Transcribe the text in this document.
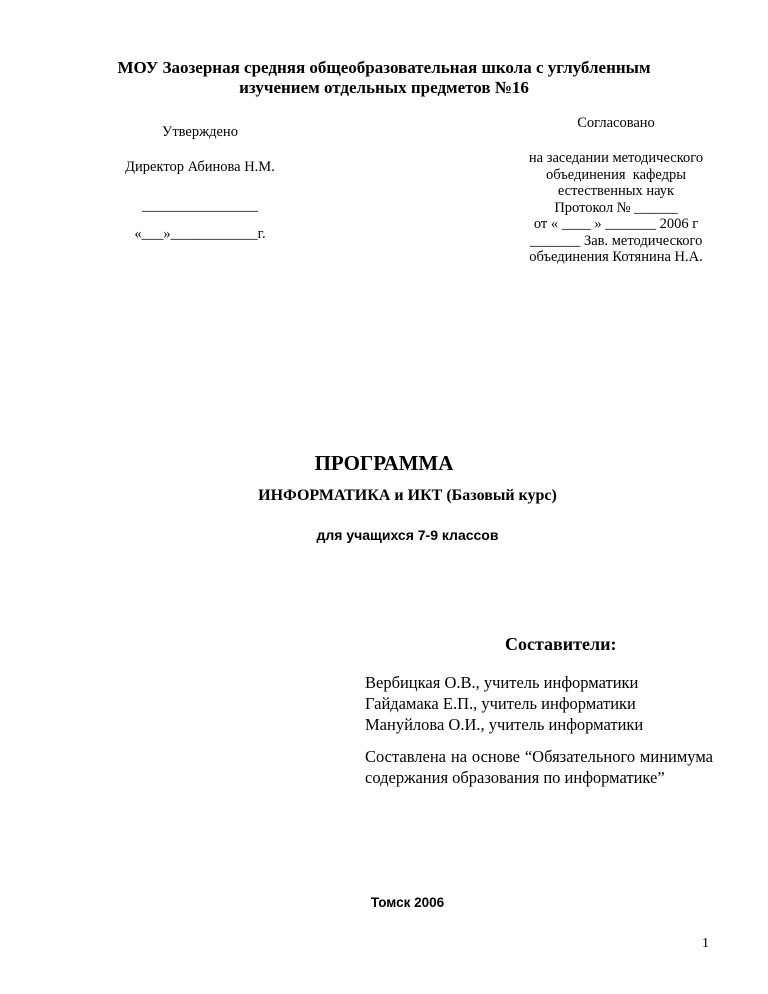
МОУ Заозерная средняя общеобразовательная школа с углубленным
изучением отдельных предметов №16
Утверждено
Директор Абинова Н.М.
________________
«___»____________г.
Согласовано
на заседании методического
объединения  кафедры
естественных наук
Протокол № ______
от « ____ » _______ 2006 г
_______ Зав. методического
объединения Котянина Н.А.
ПРОГРАММА
ИНФОРМАТИКА и ИКТ (Базовый курс)
для учащихся 7-9 классов
Составители:
Вербицкая О.В., учитель информатики
Гайдамака Е.П., учитель информатики
Мануйлова О.И., учитель информатики
Составлена на основе “Обязательного минимума содержания образования по информатике”
Томск 2006
1
